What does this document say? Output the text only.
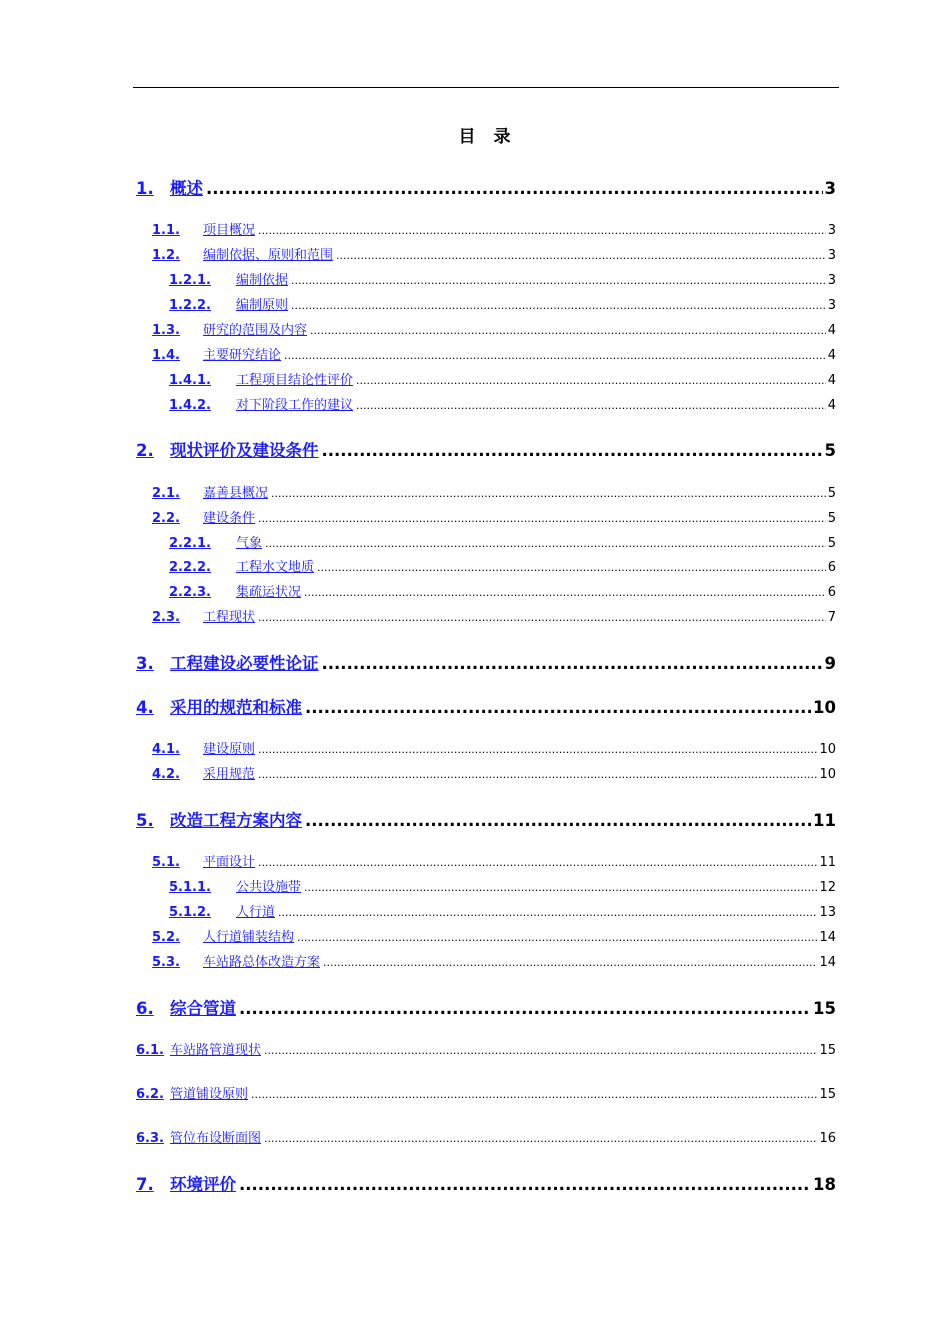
目 录
1. 概述 .....	3
1.1.	项目概况 .....	3
1.2.	编制依据、原则和范围 .....	3
1.2.1.	编制依据 .....	3
1.2.2.	编制原则 .....	3
1.3.	研究的范围及内容 .....	4
1.4.	主要研究结论 .....	4
1.4.1.	工程项目结论性评价 .....	4
1.4.2.	对下阶段工作的建议 .....	4
2. 现状评价及建设条件 .....	5
2.1.	嘉善县概况 .....	5
2.2.	建设条件 .....	5
2.2.1.	气象 .....	5
2.2.2.	工程水文地质 .....	6
2.2.3.	集疏运状况 .....	6
2.3.	工程现状 .....	7
3. 工程建设必要性论证 .....	9
4. 采用的规范和标准 .....	10
4.1.	建设原则 .....	10
4.2.	采用规范 .....	10
5. 改造工程方案内容 .....	11
5.1.	平面设计 .....	11
5.1.1.	公共设施带 .....	12
5.1.2.	人行道 .....	13
5.2.	人行道铺装结构 .....	14
5.3.	车站路总体改造方案 .....	14
6. 综合管道 .....	15
6.1. 车站路管道现状 .....	15
6.2. 管道铺设原则 .....	15
6.3. 管位布设断面图 .....	16
7. 环境评价 .....	18
